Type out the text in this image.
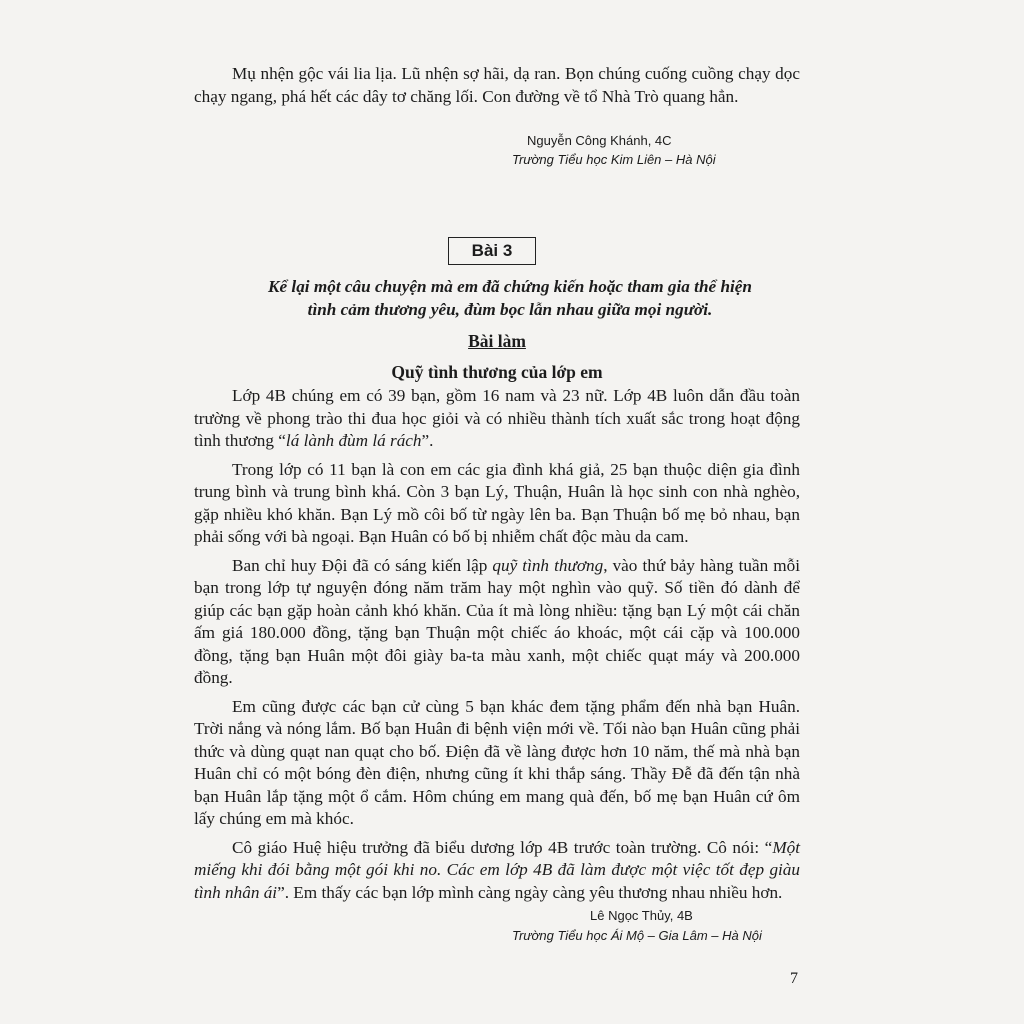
Mụ nhện gộc vái lia lịa. Lũ nhện sợ hãi, dạ ran. Bọn chúng cuống cuồng chạy dọc chạy ngang, phá hết các dây tơ chăng lối. Con đường về tổ Nhà Trò quang hẳn.

Nguyễn Công Khánh, 4C
Trường Tiểu học Kim Liên – Hà Nội
Bài 3
Kể lại một câu chuyện mà em đã chứng kiến hoặc tham gia thể hiện
tình cảm thương yêu, đùm bọc lẫn nhau giữa mọi người.
Bài làm
Quỹ tình thương của lớp em

Lớp 4B chúng em có 39 bạn, gồm 16 nam và 23 nữ. Lớp 4B luôn dẫn đầu toàn trường về phong trào thi đua học giỏi và có nhiều thành tích xuất sắc trong hoạt động tình thương “lá lành đùm lá rách”.

Trong lớp có 11 bạn là con em các gia đình khá giả, 25 bạn thuộc diện gia đình trung bình và trung bình khá. Còn 3 bạn Lý, Thuận, Huân là học sinh con nhà nghèo, gặp nhiều khó khăn. Bạn Lý mồ côi bố từ ngày lên ba. Bạn Thuận bố mẹ bỏ nhau, bạn phải sống với bà ngoại. Bạn Huân có bố bị nhiễm chất độc màu da cam.

Ban chỉ huy Đội đã có sáng kiến lập quỹ tình thương, vào thứ bảy hàng tuần mỗi bạn trong lớp tự nguyện đóng năm trăm hay một nghìn vào quỹ. Số tiền đó dành để giúp các bạn gặp hoàn cảnh khó khăn. Của ít mà lòng nhiều: tặng bạn Lý một cái chăn ấm giá 180.000 đồng, tặng bạn Thuận một chiếc áo khoác, một cái cặp và 100.000 đồng, tặng bạn Huân một đôi giày ba-ta màu xanh, một chiếc quạt máy và 200.000 đồng.

Em cũng được các bạn cử cùng 5 bạn khác đem tặng phẩm đến nhà bạn Huân. Trời nắng và nóng lắm. Bố bạn Huân đi bệnh viện mới về. Tối nào bạn Huân cũng phải thức và dùng quạt nan quạt cho bố. Điện đã về làng được hơn 10 năm, thế mà nhà bạn Huân chỉ có một bóng đèn điện, nhưng cũng ít khi thắp sáng. Thầy Đễ đã đến tận nhà bạn Huân lắp tặng một ổ cắm. Hôm chúng em mang quà đến, bố mẹ bạn Huân cứ ôm lấy chúng em mà khóc.

Cô giáo Huệ hiệu trưởng đã biểu dương lớp 4B trước toàn trường. Cô nói: “Một miếng khi đói bằng một gói khi no. Các em lớp 4B đã làm được một việc tốt đẹp giàu tình nhân ái”. Em thấy các bạn lớp mình càng ngày càng yêu thương nhau nhiều hơn.

Lê Ngọc Thủy, 4B
Trường Tiểu học Ái Mộ – Gia Lâm – Hà Nội
7
